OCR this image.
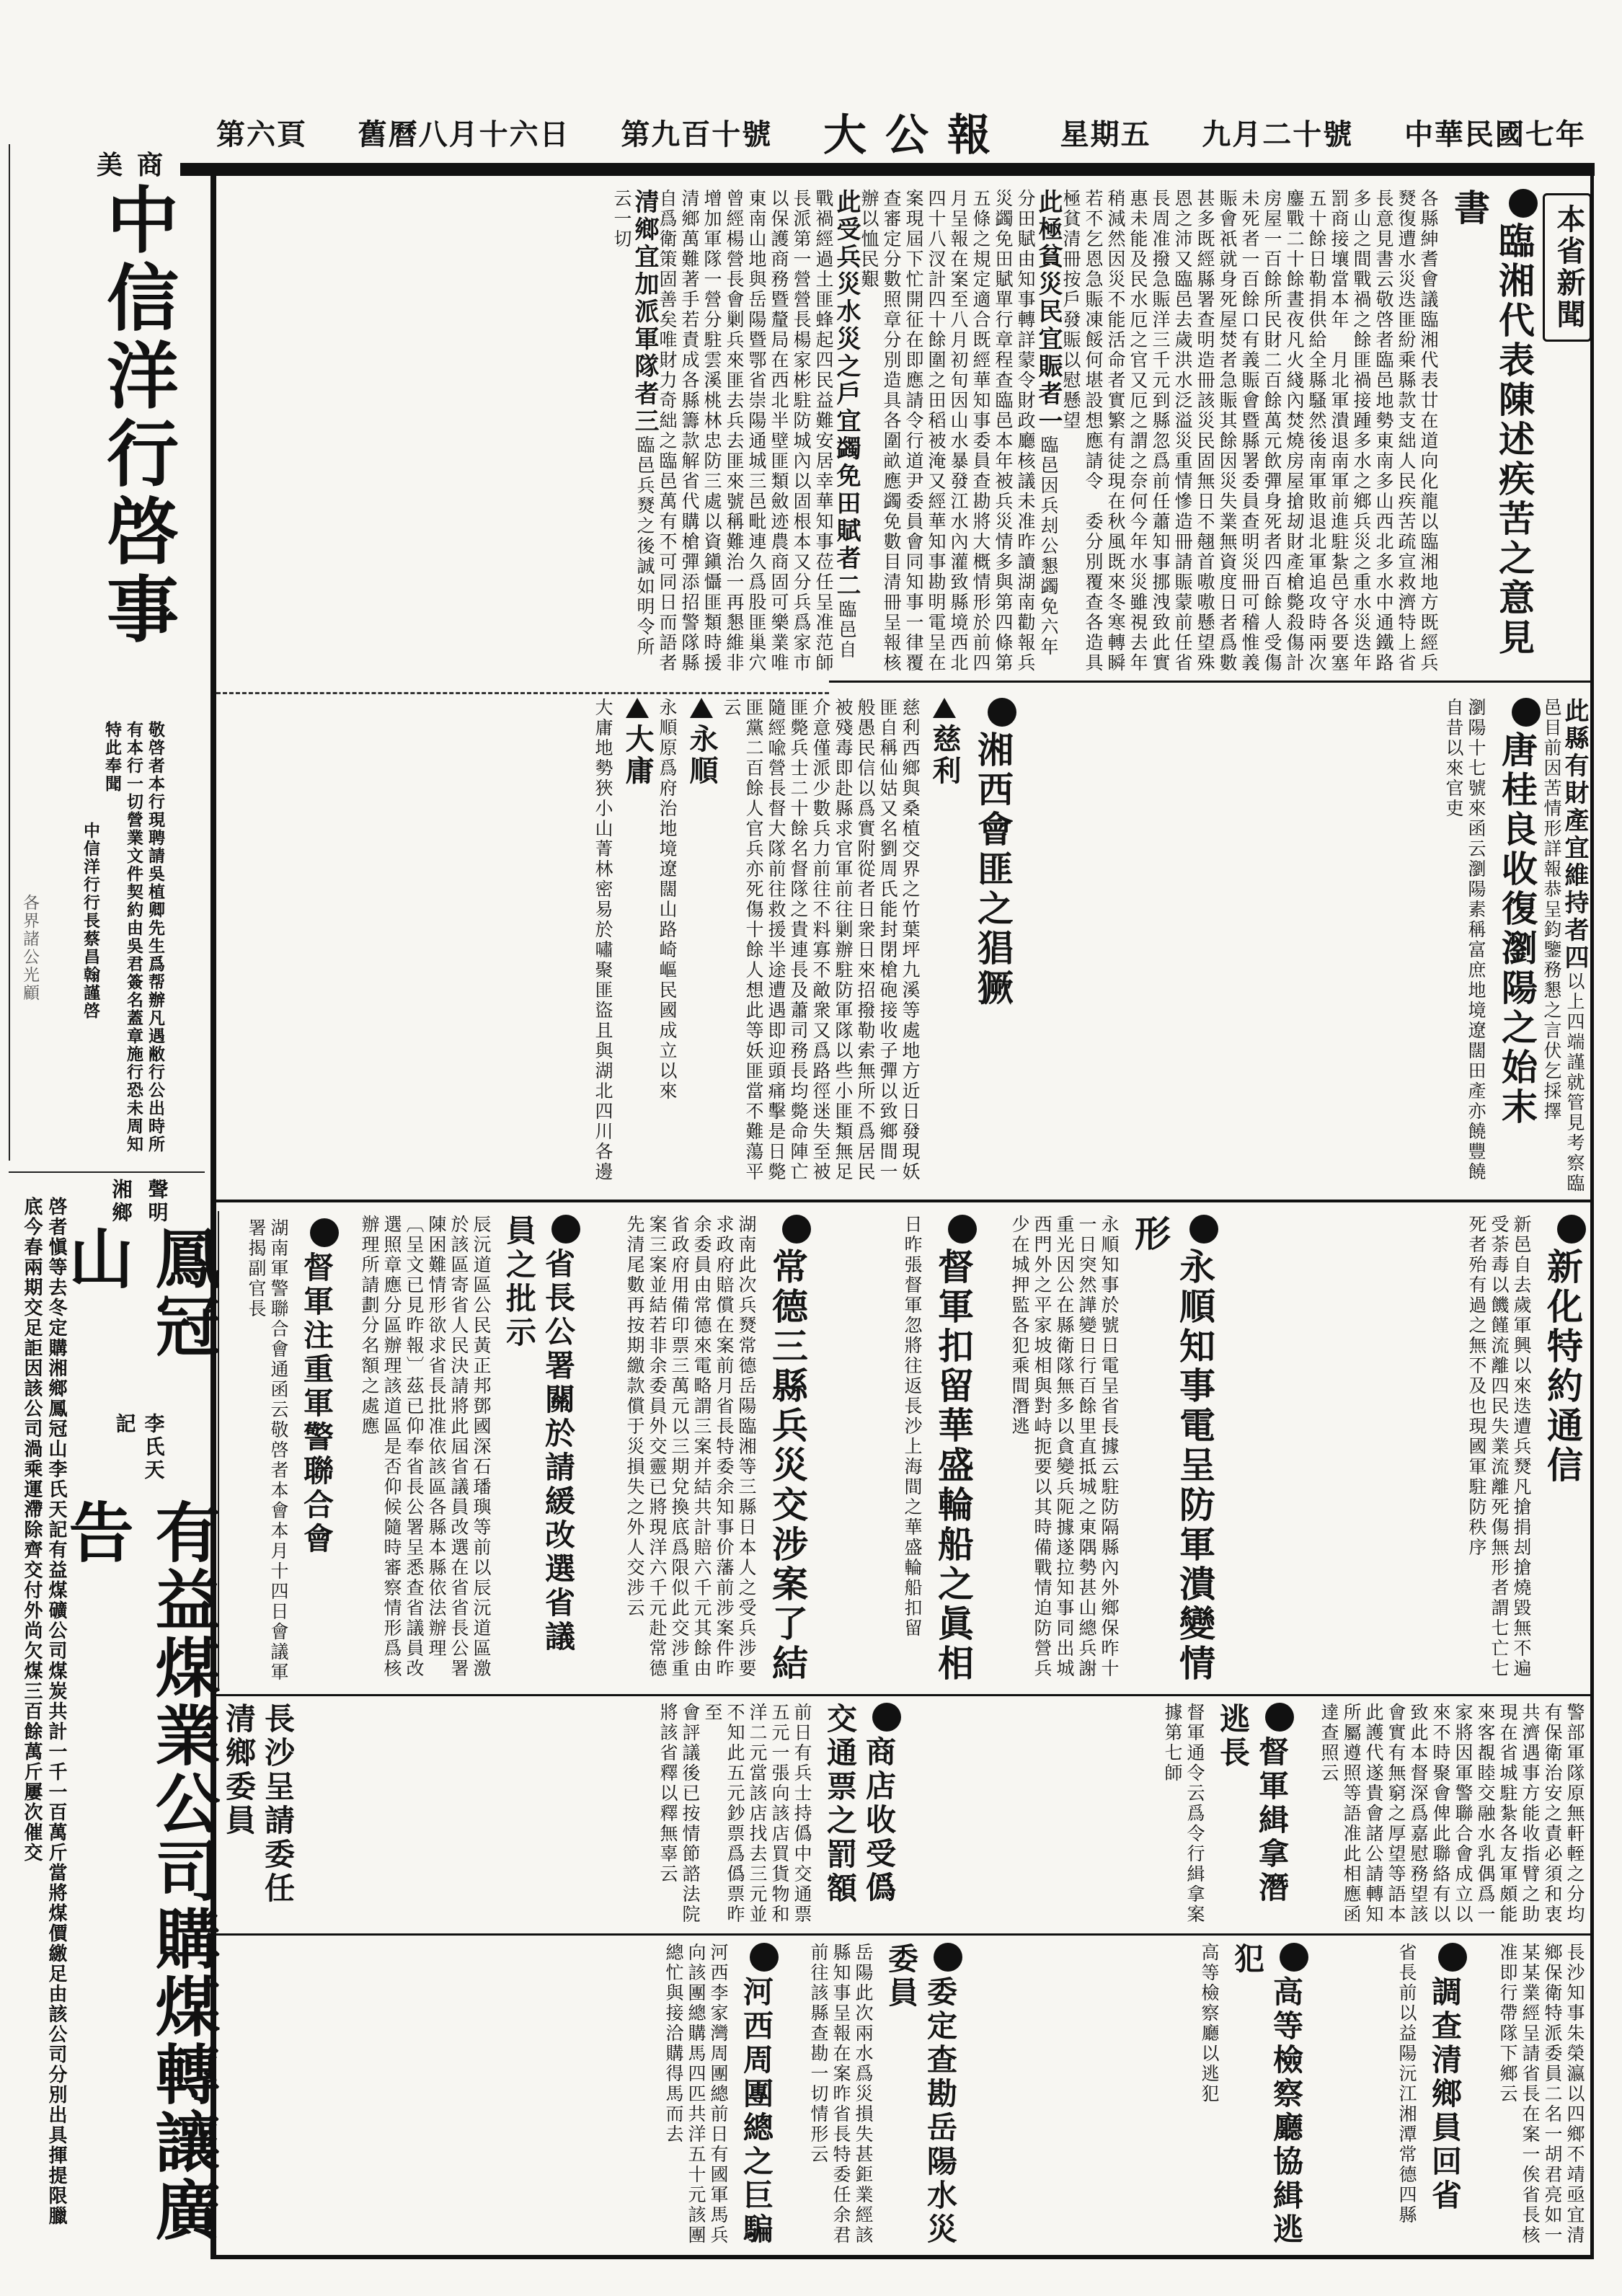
中華民國七年
九月二十號
星期五
大公報
第九百十號
舊曆八月十六日
第六頁
本省新聞
臨湘代表陳述疾苦之意見書

各縣紳耆會議臨湘代表廿在道向化龍以臨湘地方既經兵燹復遭水災迭匪紛乘縣款支絀人民疾苦疏宣救濟特上省長意見書云敬啓者臨邑地勢東南多山西北多水中通鐵路多山之間戰禍之餘匪禍接踵多水之鄉兵災之重水災迭年罰商接壤當本年　月北軍潰退南軍前進駐紮邑守各要塞五十餘日勒捐供給全縣騷然後南軍敗退北軍追攻時兩次鏖戰二十餘晝夜凡火綫內焚燒房屋搶刼財產槍斃殺傷計房屋一百餘所民財二百餘萬元飲彈身死者四百餘人受傷未死者一百餘口有義賑會暨縣署委員查明災冊可稽惟義賑會祇就身死屋焚者急賑其餘因災失業無資度日者爲數甚多既經縣署查明造冊該災民固無日不翹首嗷嗷懸望殊恩之沛又臨邑去歲洪水泛溢災重情慘造冊請賑蒙前任省長周准撥急賑洋三千元到縣忽爲前任蕭知事挪洩致此實惠未能及民水厄之官又厄之謂之奈何今年水災雖視去年稍減然因災不能活命者實繁有徒現在秋風既來冬寒轉瞬若不乞恩急賑凍餒何堪設想應請令　委分別覆查各造具極貧清冊按戶發賑以慰懸望

此極貧災民宜賑者一臨邑因兵刦公懇蠲免六年分田賦由知事轉詳蒙令財政廳核議未准昨讀湖南勸報兵災蠲免田賦單行章程查臨邑本年被兵災情多與第四條第五條之規定適合既經華知事委員查勘將大概情形於前四月呈報在案至八月初旬因山水暴發江水內灌致縣境西北四十八汊計四十餘圍之田稻被淹又經華知事勘明電呈在案現屆下忙開征在即應請令行道尹委員會同知事一律覆查審定分數照章分別造具各圍畝應蠲免數目清冊呈報核辦以恤民艱

此受兵災水災之戶宜蠲免田賦者二臨邑自戰禍經過土匪蜂起四民益難安居幸華知事莅任呈准范師長派第一營營長楊家彬駐防城內以固根本又分兵爲家市以保護商務暨釐局在西北半壁匪類斂迹農商固可樂業唯東南山地與岳陽暨鄂省崇陽通城三邑毗連久爲股匪巢穴曾經楊營長會剿兵來匪去兵去匪來號稱難治一再懇維非增加軍隊一營分駐雲溪桃林忠防三處以資鎭懾匪類時援清鄉萬難著手若責成各縣籌款解省代購槍彈添招警隊縣自爲衛策固善矣唯財力奇絀之臨邑萬有不可同日而語者

清鄉宜加派軍隊者三臨邑兵燹之後誠如明令所云一切

此縣有財產宜維持者四以上四端謹就管見考察臨邑目前因苦情形詳報恭呈鈞鑒務懇之言伏乞採擇

唐桂良收復瀏陽之始末

瀏陽十七號來函云瀏陽素稱富庶地境遼闊田產亦饒豐饒自昔以來官吏

湘西會匪之猖獗
慈利

慈利西鄉與桑植交界之竹葉坪九溪等處地方近日發現妖匪自稱仙姑又名劉周氏能封閉槍砲接收子彈以致鄉間一般愚民信以爲實附從者日衆日來招撥勒索無所不爲居民被殘毒即赴縣求官軍前往剿辦駐防軍隊以些小匪類無足介意僅派少數兵力前往不料寡不敵衆又爲路徑迷失至被匪斃兵士二十餘名督隊之貴連長及蕭司務長均斃命陣亡隨經喩營長督大隊前往救援半途遭遇即迎頭痛擊是日斃匪黨二百餘人官兵亦死傷十餘人想此等妖匪當不難蕩平云

永順

永順原爲府治地境遼闊山路崎嶇民國成立以來

大庸

大庸地勢狹小山菁林密易於嘯聚匪盜且與湖北四川各邊

新化特約通信

新邑自去歲軍興以來迭遭兵燹凡搶捐刦搶燒毀無不遍受荼毒以饑饉流離四民失業流離死傷無形者謂七亡七死者殆有過之無不及也現國軍駐防秩序

永順知事電呈防軍潰變情形

永順知事於號日電呈省長據云駐防隔縣內外鄉保昨十一日突然譁變日行百餘里直抵城之東隅勢甚山總兵謝重光因公在縣衛隊無多以貪變兵阨據遂拉知事同出城西門外之平家坡相與對峙扼要以其時備戰情迫防營兵少在城押監各犯乘間潛逃

督軍扣留華盛輪船之眞相

日昨張督軍忽將往返長沙上海間之華盛輪船扣留

常德三縣兵災交涉案了結

湖南此次兵燹常德岳陽臨湘等三縣日本人之受兵涉要求政府賠償在案前月省長特委余知事价藩前涉案件昨余委員由常德來電略謂三案并結共計賠六千元其餘由省政府用備印票三萬元以三期兌換底爲限似此交涉重案三案並結若非余委員外交靈已將現洋六千元赴常德先清尾數再按期繳款償于災損失之外人交涉云

省長公署關於請緩改選省議員之批示

辰沅道區公民黃正邦鄧國深石璠璵等前以辰沅道區激於該區寄省人民決請將此屆省議員改選在省省長公署陳困難情形欲求省長批准依該區各縣本縣依法辦理〔呈文已見昨報〕茲已仰奉省長公署呈悉查省議員改選照章應分區辦理該道區是否仰候隨時審察情形爲核辦理所請劃分名額之處應

督軍注重軍警聯合會

湖南軍警聯合會通函云敬啓者本會本月十四日會議軍署揭副官長

警部軍隊原無軒輊之分均有保衛治安之責必須和衷共濟遇事方能收指臂之助現在省城駐紮各友軍頗能來客覩睦交融水乳偶爲一家將因軍警聯合會成立以來不時聚會俾此聯絡有以致此本督深爲嘉慰務望該會實有無窮之厚望等語本此護代遂貴會諸公請轉知所屬遵照等語准此相應函達查照云

督軍緝拿潛逃長

督軍通令云爲令行緝拿案據第七師

商店收受僞交通票之罰額

前日有兵士持僞中交通票五元一張向該店買貨物和洋二元當該店找去三元並不知此五元鈔票爲僞票昨至

會評議後已按情節諮法院將該省釋以釋無辜云

長沙呈請委任清鄉委員

長沙知事朱榮瀛以四鄉不靖亟宜清鄉保衛特派委員二名一胡君亮如一某某業經呈請省長在案一俟省長核准即行帶隊下鄉云

調查清鄉員回省

省長前以益陽沅江湘潭常德四縣

高等檢察廳協緝逃犯

高等檢察廳以逃犯

委定查勘岳陽水災委員

岳陽此次兩水爲災損失甚鉅業經該縣知事呈報在案昨省長特委任余君前往該縣查勘一切情形云

河西周團總之巨騙

河西李家灣周團總前日有國軍馬兵向該團總購馬四匹共洋五十元該團總忙與接洽購得馬而去

美商
中信洋行啓事

敬啓者本行現聘請吳植卿先生爲帮辦凡遇敝行公出時所有本行一切營業文件契約由吳君簽名蓋章施行恐未周知特此奉聞

中信洋行行長蔡昌翰謹啓

各界諸公光顧
聲明
湘鄉
鳳冠山
李氏天記
有益煤業公司購煤轉讓廣告
啓者愼等去冬定購湘鄉鳳冠山李氏天記有益煤礦公司煤炭共計一千一百萬斤當將煤價繳足由該公司分別出具揮提限臘底今春兩期交足詎因該公司渦乘運滯除齊交付外尚欠煤三百餘萬斤屢次催交
